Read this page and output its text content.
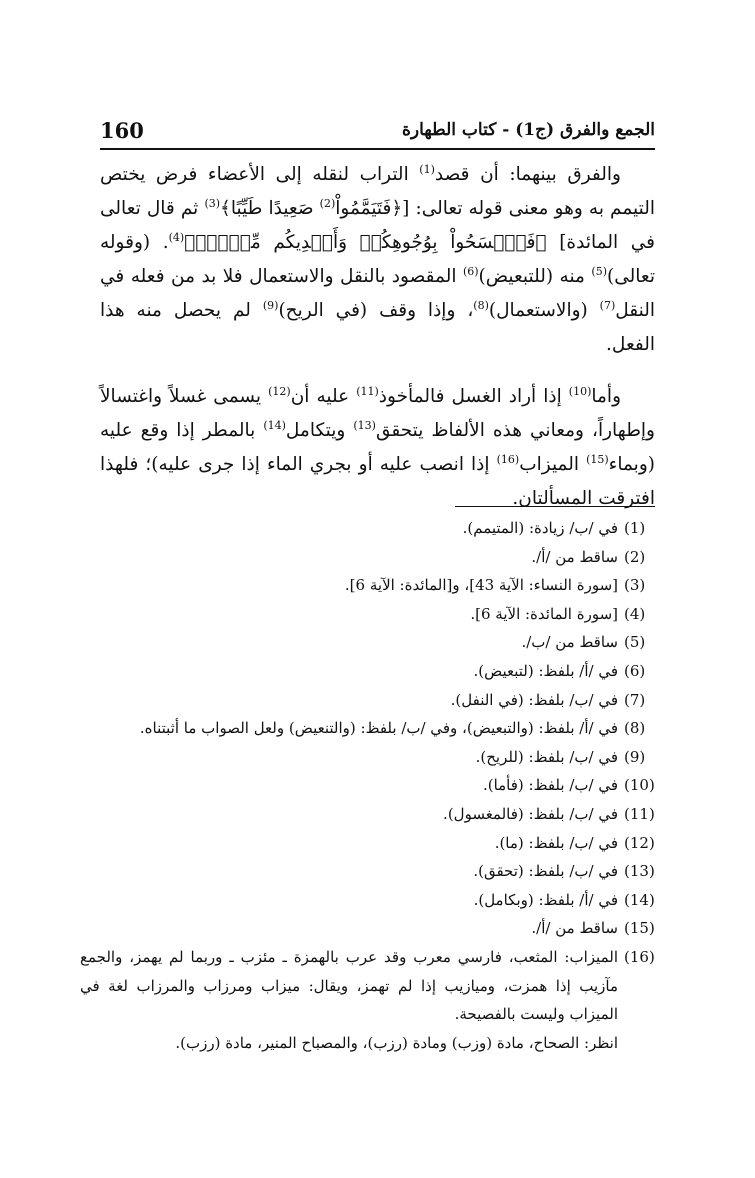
160	الجمع والفرق (ج1) - كتاب الطهارة

والفرق بينهما: أن قصد$^{(1)}$ التراب لنقله إلى الأعضاء فرض يختص التيمم به وهو معنى قوله تعالى: [﴿فَتَيَمَّمُواْ$^{(2)}$ صَعِيدًا طَيِّبًا﴾$^{(3)}$ ثم قال تعالى في المائدة] ﴿فَٱمۡسَحُواْ بِوُجُوهِكُمۡ وَأَيۡدِيكُم مِّنۡهُۚ﴾$^{(4)}$. (وقوله تعالى)$^{(5)}$ منه (للتبعيض)$^{(6)}$ المقصود بالنقل والاستعمال فلا بد من فعله في النقل$^{(7)}$ (والاستعمال)$^{(8)}$، وإذا وقف (في الريح)$^{(9)}$ لم يحصل منه هذا الفعل.

وأما$^{(10)}$ إذا أراد الغسل فالمأخوذ$^{(11)}$ عليه أن$^{(12)}$ يسمى غسلاً واغتسالاً وإطهاراً، ومعاني هذه الألفاظ يتحقق$^{(13)}$ ويتكامل$^{(14)}$ بالمطر إذا وقع عليه (وبماء$^{(15)}$ الميزاب$^{(16)}$ إذا انصب عليه أو بجري الماء إذا جرى عليه)؛ فلهذا افترقت المسألتان.

( 1 )
في /ب/ زيادة: (المتيمم).
( 2 )
ساقط من /أ/.
( 3 )
[سورة النساء: الآية 43]، و[المائدة: الآية 6].
( 4 )
[سورة المائدة: الآية 6].
( 5 )
ساقط من /ب/.
( 6 )
في /أ/ بلفظ: (لتبعيض).
( 7 )
في /ب/ بلفظ: (في النفل).
( 8 )
في /أ/ بلفظ: (والتبعيض)، وفي /ب/ بلفظ: (والتنعيض) ولعل الصواب ما أثبتناه.
( 9 )
في /ب/ بلفظ: (للريح).
( 10 )
في /ب/ بلفظ: (فأما).
( 11 )
في /ب/ بلفظ: (فالمغسول).
( 12 )
في /ب/ بلفظ: (ما).
( 13 )
في /ب/ بلفظ: (تحقق).
( 14 )
في /أ/ بلفظ: (وبكامل).
( 15 )
ساقط من /أ/.
( 16 )
الميزاب: المثعب، فارسي معرب وقد عرب بالهمزة ـ مئزب ـ وربما لم يهمز، والجمع مآزيب إذا همزت، وميازيب إذا لم تهمز، ويقال: ميزاب ومرزاب والمرزاب لغة في الميزاب وليست بالفصيحة.
انظر: الصحاح، مادة (وزب) ومادة (رزب)، والمصباح المنير، مادة (رزب).
